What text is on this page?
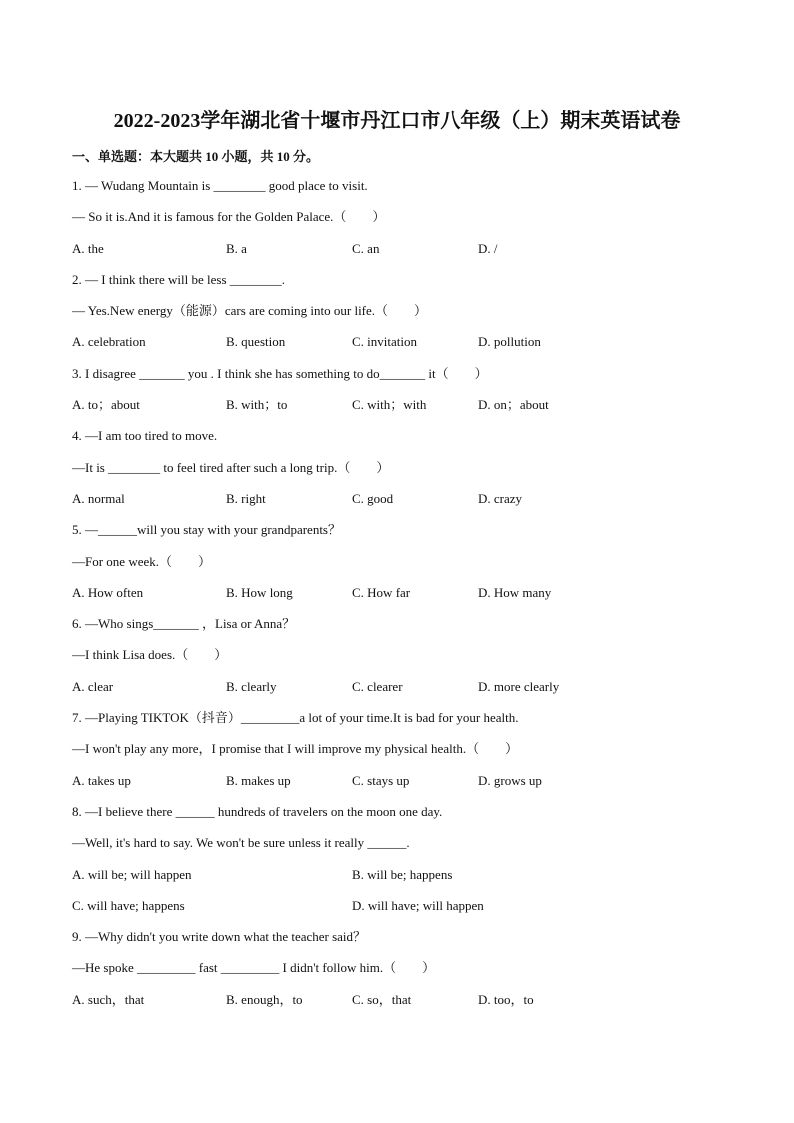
2022-2023学年湖北省十堰市丹江口市八年级（上）期末英语试卷
一、单选题：本大题共 10 小题，共 10 分。
1. — Wudang Mountain is ________ good place to visit.
— So it is.And it is famous for the Golden Palace.（　　）
A. the	B. a	C. an	D. /
2. — I think there will be less ________.
— Yes.New energy（能源）cars are coming into our life.（　　）
A. celebration	B. question	C. invitation	D. pollution
3. I disagree _______ you . I think she has something to do_______ it（　　）
A. to；about	B. with；to	C. with；with	D. on；about
4. —I am too tired to move.
—It is ________ to feel tired after such a long trip.（　　）
A. normal	B. right	C. good	D. crazy
5. —______will you stay with your grandparents？
—For one week.（　　）
A. How often	B. How long	C. How far	D. How many
6. —Who sings_______ ，Lisa or Anna？
—I think Lisa does.（　　）
A. clear	B. clearly	C. clearer	D. more clearly
7. —Playing TIKTOK（抖音）_________a lot of your time.It is bad for your health.
—I won't play any more，I promise that I will improve my physical health.（　　）
A. takes up	B. makes up	C. stays up	D. grows up
8. —I believe there ______ hundreds of travelers on the moon one day.
—Well, it's hard to say. We won't be sure unless it really ______.
A. will be; will happen	B. will be; happens
C. will have; happens	D. will have; will happen
9. —Why didn't you write down what the teacher said？
—He spoke _________ fast _________ I didn't follow him.（　　）
A. such，that	B. enough，to	C. so，that	D. too，to
